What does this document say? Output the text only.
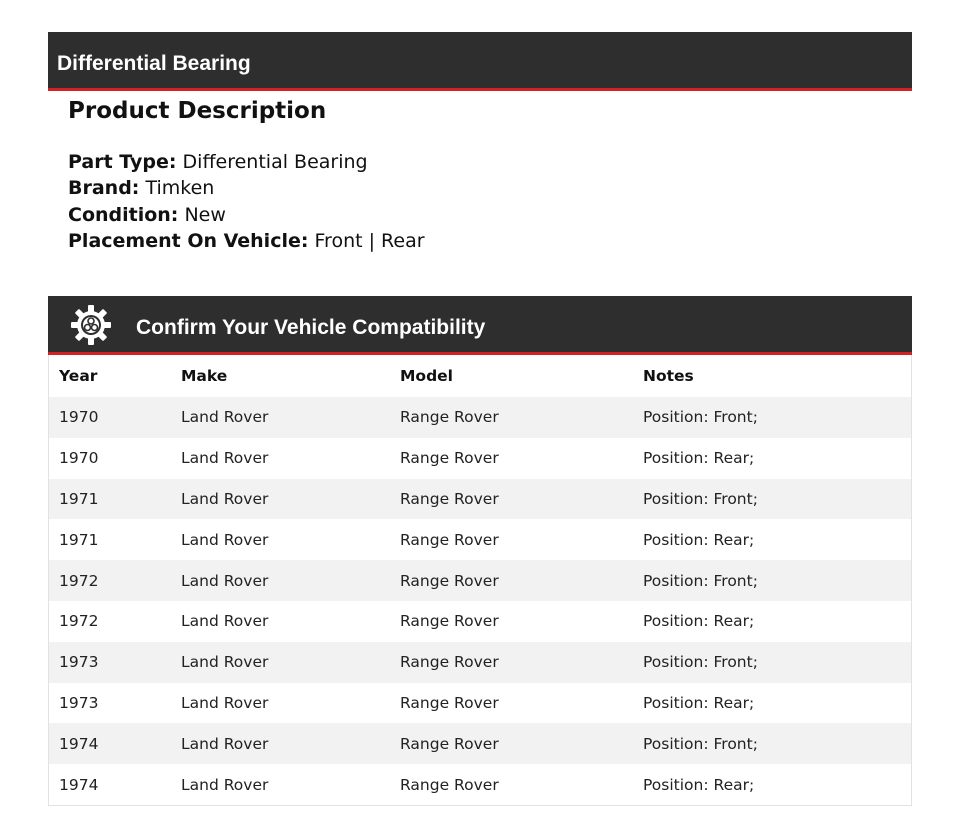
Differential Bearing
Product Description
Part Type: Differential Bearing
Brand: Timken
Condition: New
Placement On Vehicle: Front | Rear
Confirm Your Vehicle Compatibility
Year	Make	Model	Notes
1970	Land Rover	Range Rover	Position: Front;
1970	Land Rover	Range Rover	Position: Rear;
1971	Land Rover	Range Rover	Position: Front;
1971	Land Rover	Range Rover	Position: Rear;
1972	Land Rover	Range Rover	Position: Front;
1972	Land Rover	Range Rover	Position: Rear;
1973	Land Rover	Range Rover	Position: Front;
1973	Land Rover	Range Rover	Position: Rear;
1974	Land Rover	Range Rover	Position: Front;
1974	Land Rover	Range Rover	Position: Rear;
